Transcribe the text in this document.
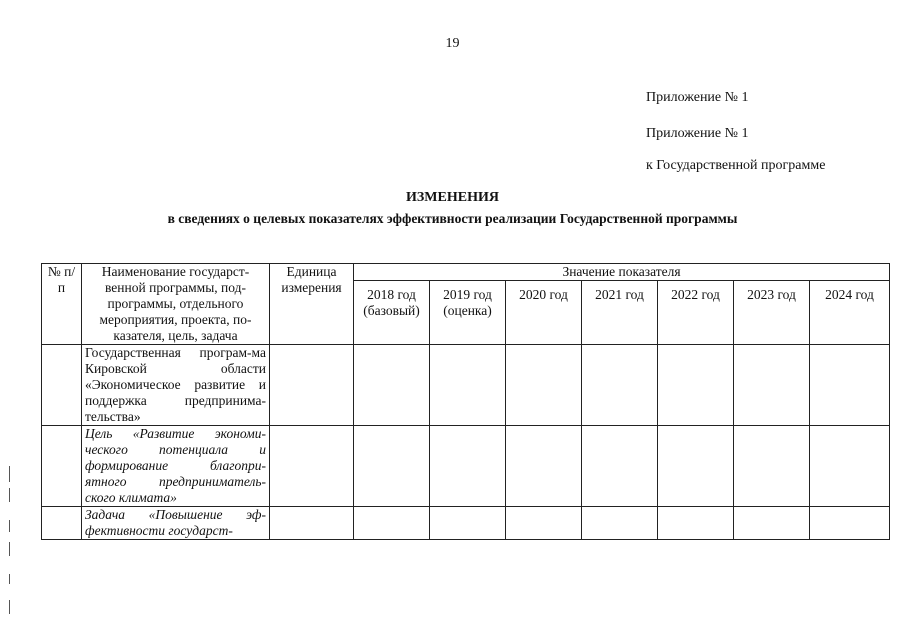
19
Приложение № 1
Приложение № 1
к Государственной программе
ИЗМЕНЕНИЯ
в сведениях о целевых показателях эффективности реализации Государственной программы
№ п/п	Наименование государст-венной программы, под-программы, отдельного мероприятия, проекта, по-казателя, цель, задача	Единица измерения	Значение показателя						
			2018 год (базовый)	2019 год (оценка)	2020 год	2021 год	2022 год	2023 год	2024 год
	Государственная програм-ма Кировской области «Экономическое развитие и поддержка предпринима-тельства»								
	Цель «Развитие экономи-ческого потенциала и формирование благопри-ятного предприниматель-ского климата»								
	Задача «Повышение эф-фективности государст-								
